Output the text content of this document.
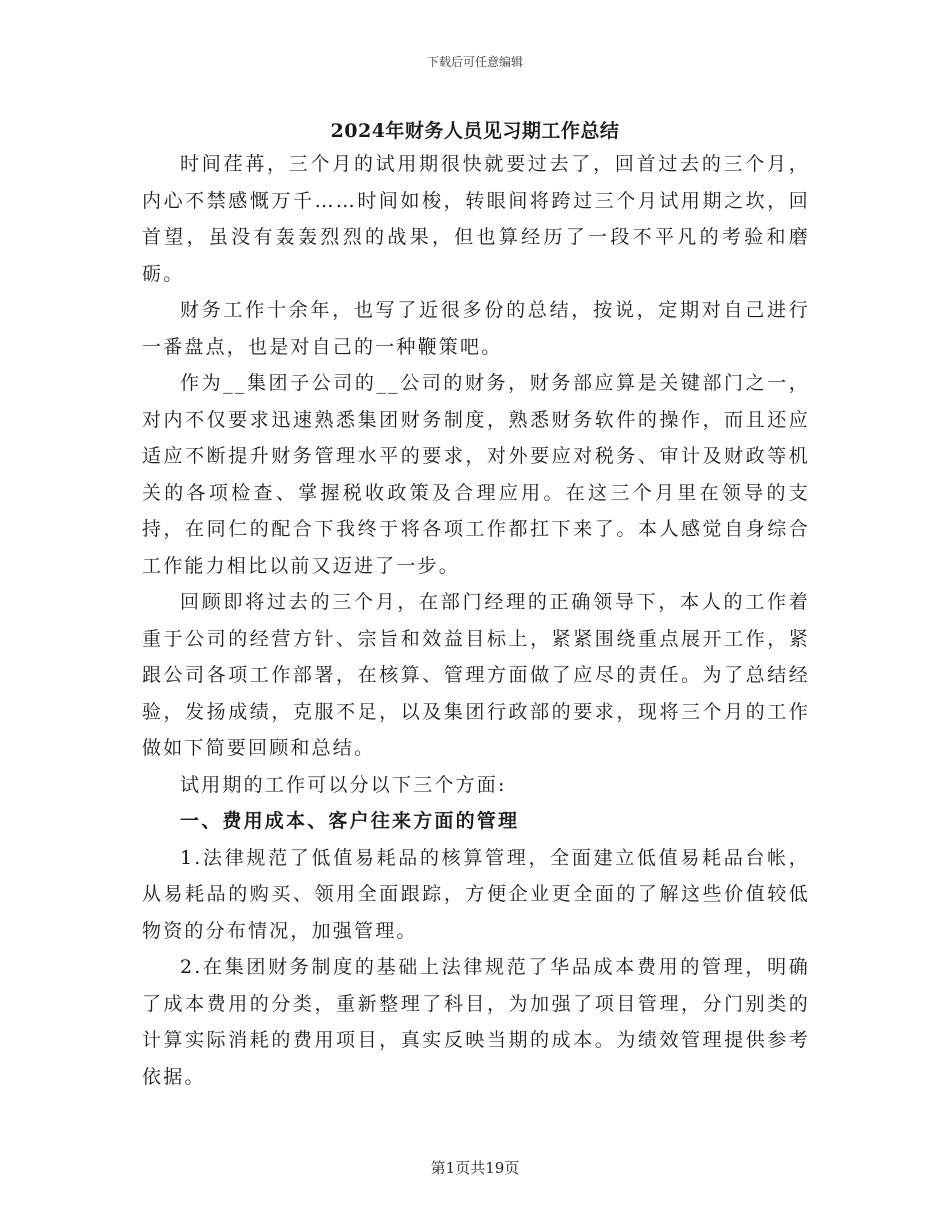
下载后可任意编辑
2024年财务人员见习期工作总结

时间荏苒，三个月的试用期很快就要过去了，回首过去的三个月，内心不禁感慨万千……时间如梭，转眼间将跨过三个月试用期之坎，回首望，虽没有轰轰烈烈的战果，但也算经历了一段不平凡的考验和磨砺。

财务工作十余年，也写了近很多份的总结，按说，定期对自己进行一番盘点，也是对自己的一种鞭策吧。

作为__集团子公司的__公司的财务，财务部应算是关键部门之一，对内不仅要求迅速熟悉集团财务制度，熟悉财务软件的操作，而且还应适应不断提升财务管理水平的要求，对外要应对税务、审计及财政等机关的各项检查、掌握税收政策及合理应用。在这三个月里在领导的支持，在同仁的配合下我终于将各项工作都扛下来了。本人感觉自身综合工作能力相比以前又迈进了一步。

回顾即将过去的三个月，在部门经理的正确领导下，本人的工作着重于公司的经营方针、宗旨和效益目标上，紧紧围绕重点展开工作，紧跟公司各项工作部署，在核算、管理方面做了应尽的责任。为了总结经验，发扬成绩，克服不足，以及集团行政部的要求，现将三个月的工作做如下简要回顾和总结。

试用期的工作可以分以下三个方面:

一、费用成本、客户往来方面的管理

1.法律规范了低值易耗品的核算管理，全面建立低值易耗品台帐，从易耗品的购买、领用全面跟踪，方便企业更全面的了解这些价值较低物资的分布情况，加强管理。

2.在集团财务制度的基础上法律规范了华品成本费用的管理，明确了成本费用的分类，重新整理了科目，为加强了项目管理，分门别类的计算实际消耗的费用项目，真实反映当期的成本。为绩效管理提供参考依据。

第1页共19页
